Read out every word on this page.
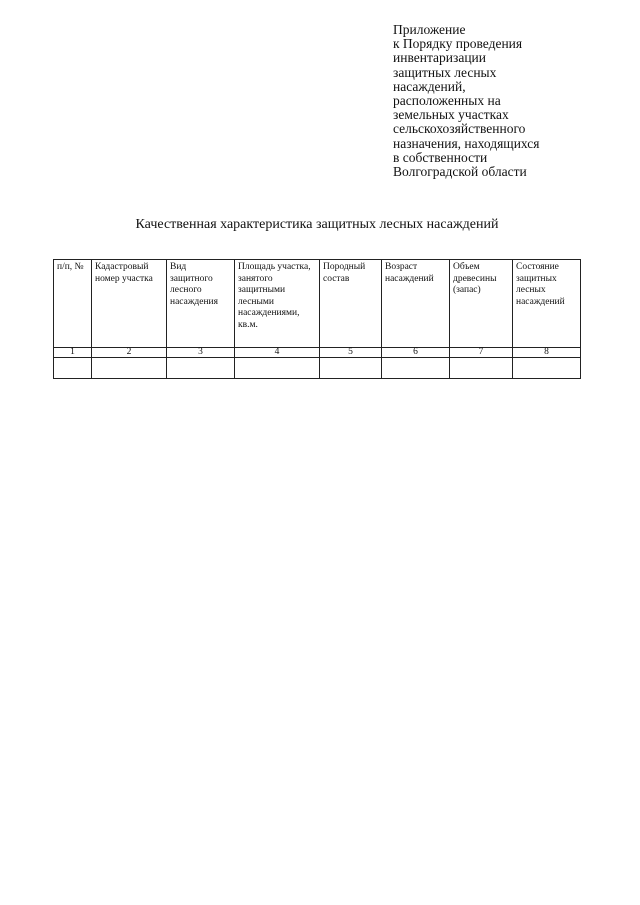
Приложение
к Порядку проведения
инвентаризации
защитных лесных
насаждений,
расположенных на
земельных участках
сельскохозяйственного
назначения, находящихся
в собственности
Волгоградской области
Качественная характеристика защитных лесных насаждений
п/п, №	Кадастровый номер участка	Вид защитного лесного насаждения	Площадь участка, занятого защитными лесными насаждениями, кв.м.	Породный состав	Возраст насаждений	Объем древесины (запас)	Состояние защитных лесных насаждений
1	2	3	4	5	6	7	8
